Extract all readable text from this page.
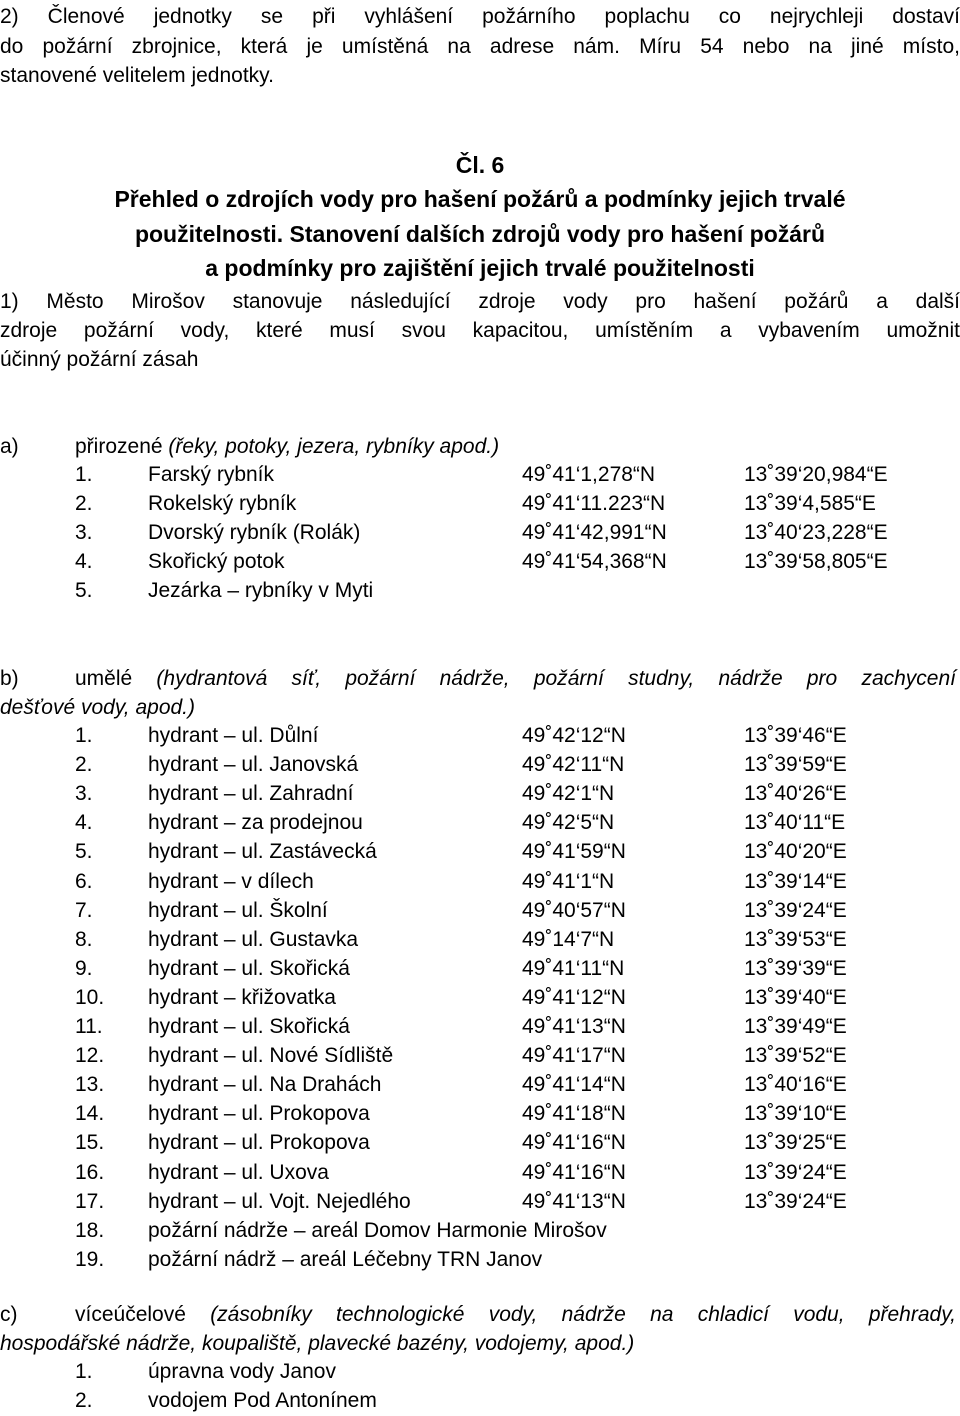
2) Členové jednotky se při vyhlášení požárního poplachu co nejrychleji dostaví
do požární zbrojnice, která je umístěná na adrese nám. Míru 54 nebo na jiné místo,
stanovené velitelem jednotky.
Čl. 6
Přehled o zdrojích vody pro hašení požárů a podmínky jejich trvalé
použitelnosti. Stanovení dalších zdrojů vody pro hašení požárů
a podmínky pro zajištění jejich trvalé použitelnosti
1) Město Mirošov stanovuje následující zdroje vody pro hašení požárů a další
zdroje požární vody, které musí svou kapacitou, umístěním a vybavením umožnit
účinný požární zásah
a)	přirozené (řeky, potoky, jezera, rybníky apod.)
1.	Farský rybník	49˚41‘1,278“N	13˚39‘20,984“E
2.	Rokelský rybník	49˚41‘11.223“N	13˚39‘4,585“E
3.	Dvorský rybník (Rolák)	49˚41‘42,991“N	13˚40‘23,228“E
4.	Skořický potok	49˚41‘54,368“N	13˚39‘58,805“E
5.	Jezárka – rybníky v Myti
b)	umělé (hydrantová síť, požární nádrže, požární studny, nádrže pro zachycení
dešťové vody, apod.)
1.	hydrant – ul. Důlní	49˚42‘12“N	13˚39‘46“E
2.	hydrant – ul. Janovská	49˚42‘11“N	13˚39‘59“E
3.	hydrant – ul. Zahradní	49˚42‘1“N	13˚40‘26“E
4.	hydrant – za prodejnou	49˚42‘5“N	13˚40‘11“E
5.	hydrant – ul. Zastávecká	49˚41‘59“N	13˚40‘20“E
6.	hydrant – v dílech	49˚41‘1“N	13˚39‘14“E
7.	hydrant – ul. Školní	49˚40‘57“N	13˚39‘24“E
8.	hydrant – ul. Gustavka	49˚14‘7“N	13˚39‘53“E
9.	hydrant – ul. Skořická	49˚41‘11“N	13˚39‘39“E
10. hydrant – křižovatka	49˚41‘12“N	13˚39‘40“E
11. hydrant – ul. Skořická	49˚41‘13“N	13˚39‘49“E
12. hydrant – ul. Nové Sídliště	49˚41‘17“N	13˚39‘52“E
13. hydrant – ul. Na Drahách	49˚41‘14“N	13˚40‘16“E
14. hydrant – ul. Prokopova	49˚41‘18“N	13˚39‘10“E
15. hydrant – ul. Prokopova	49˚41‘16“N	13˚39‘25“E
16. hydrant – ul. Uxova	49˚41‘16“N	13˚39‘24“E
17. hydrant – ul. Vojt. Nejedlého	49˚41‘13“N	13˚39‘24“E
18. požární nádrže – areál Domov Harmonie Mirošov
19. požární nádrž – areál Léčebny TRN Janov
c)	víceúčelové (zásobníky technologické vody, nádrže na chladicí vodu, přehrady,
hospodářské nádrže, koupaliště, plavecké bazény, vodojemy, apod.)
1.	úpravna vody Janov
2.	vodojem Pod Antonínem
